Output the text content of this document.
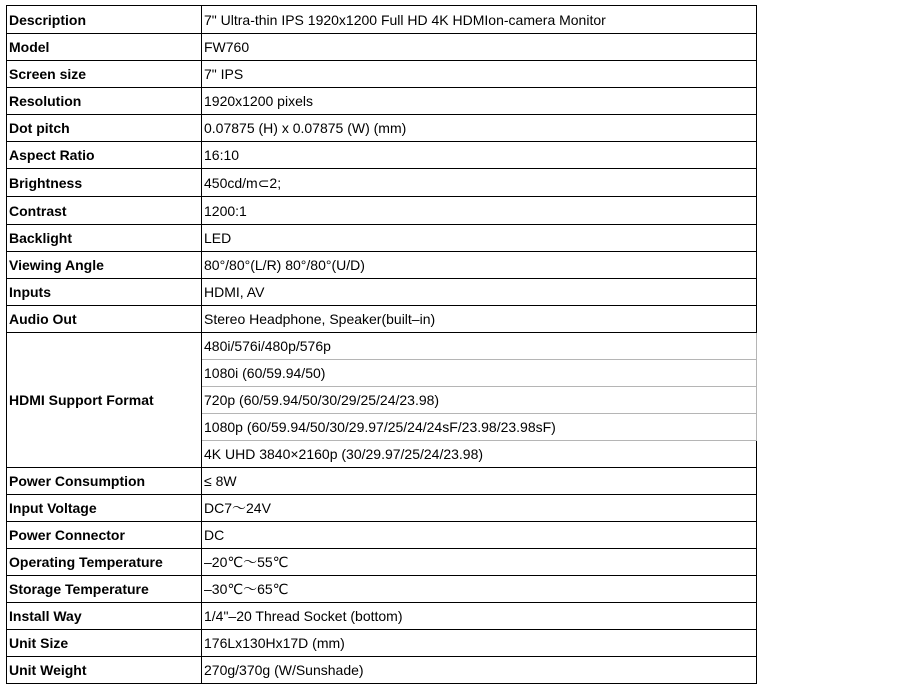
Description	7" Ultra-thin IPS 1920x1200 Full HD 4K HDMIon-camera Monitor
Model	FW760
Screen size	7" IPS
Resolution	1920x1200 pixels
Dot pitch	0.07875 (H) x 0.07875 (W) (mm)
Aspect Ratio	16:10
Brightness	450cd/m⊂2;
Contrast	1200:1
Backlight	LED
Viewing Angle	80°/80°(L/R) 80°/80°(U/D)
Inputs	HDMI, AV
Audio Out	Stereo Headphone, Speaker(built–in)
HDMI Support Format	480i/576i/480p/576p
	1080i (60/59.94/50)
	720p (60/59.94/50/30/29/25/24/23.98)
	1080p (60/59.94/50/30/29.97/25/24/24sF/23.98/23.98sF)
	4K UHD 3840×2160p (30/29.97/25/24/23.98)
Power Consumption	≤ 8W
Input Voltage	DC7〜24V
Power Connector	DC
Operating Temperature	–20℃〜55℃
Storage Temperature	–30℃〜65℃
Install Way	1/4"–20 Thread Socket (bottom)
Unit Size	176Lx130Hx17D (mm)
Unit Weight	270g/370g (W/Sunshade)
